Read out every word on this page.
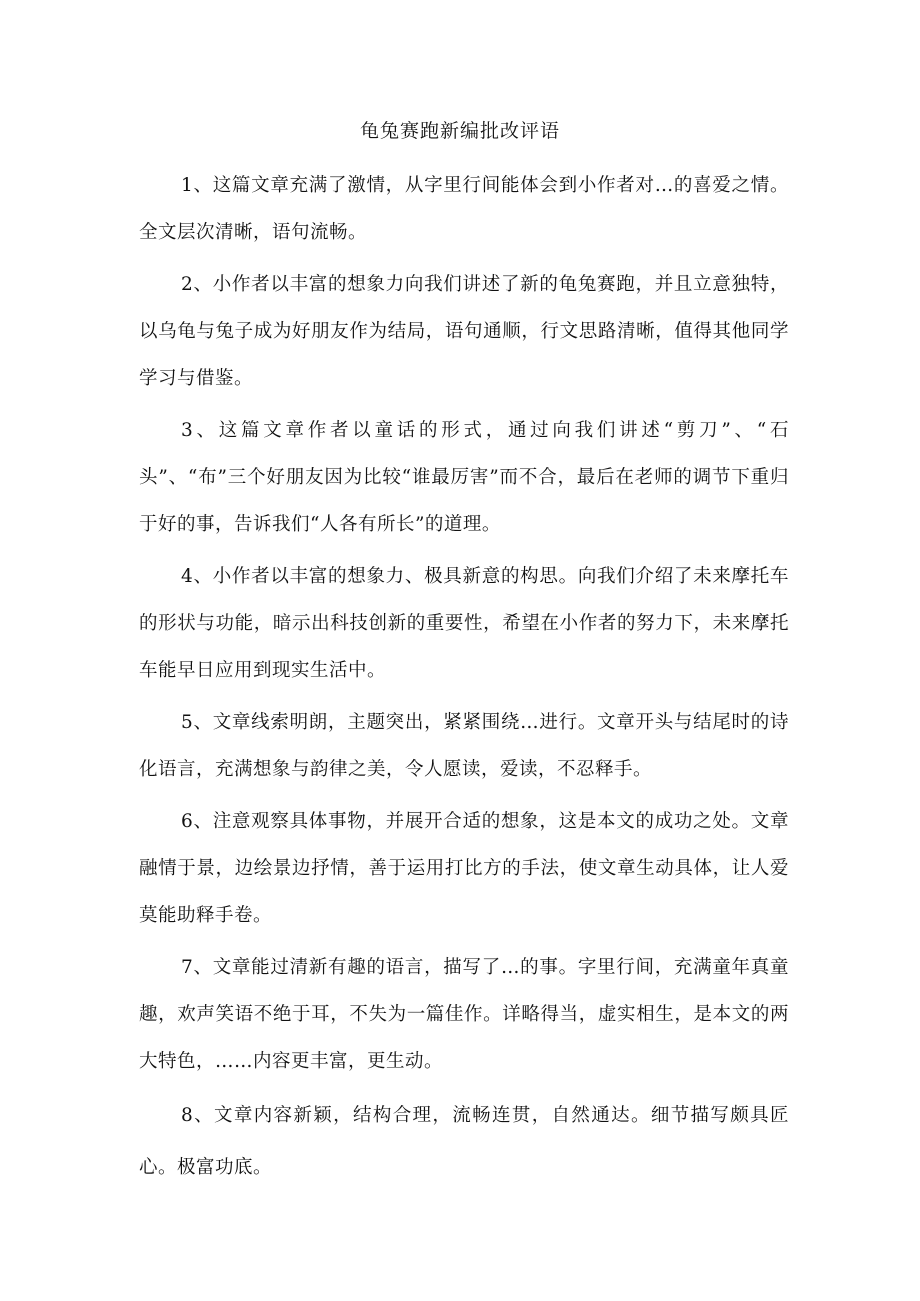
龟兔赛跑新编批改评语

1、这篇文章充满了激情，从字里行间能体会到小作者对…的喜爱之情。全文层次清晰，语句流畅。

2、小作者以丰富的想象力向我们讲述了新的龟兔赛跑，并且立意独特，以乌龟与兔子成为好朋友作为结局，语句通顺，行文思路清晰，值得其他同学学习与借鉴。

3、这篇文章作者以童话的形式，通过向我们讲述“剪刀”、“石头”、“布”三个好朋友因为比较“谁最厉害”而不合，最后在老师的调节下重归于好的事，告诉我们“人各有所长”的道理。

4、小作者以丰富的想象力、极具新意的构思。向我们介绍了未来摩托车的形状与功能，暗示出科技创新的重要性，希望在小作者的努力下，未来摩托车能早日应用到现实生活中。

5、文章线索明朗，主题突出，紧紧围绕…进行。文章开头与结尾时的诗化语言，充满想象与韵律之美，令人愿读，爱读，不忍释手。

6、注意观察具体事物，并展开合适的想象，这是本文的成功之处。文章融情于景，边绘景边抒情，善于运用打比方的手法，使文章生动具体，让人爱莫能助释手卷。

7、文章能过清新有趣的语言，描写了…的事。字里行间，充满童年真童趣，欢声笑语不绝于耳，不失为一篇佳作。详略得当，虚实相生，是本文的两大特色，……内容更丰富，更生动。

8、文章内容新颖，结构合理，流畅连贯，自然通达。细节描写颇具匠心。极富功底。
